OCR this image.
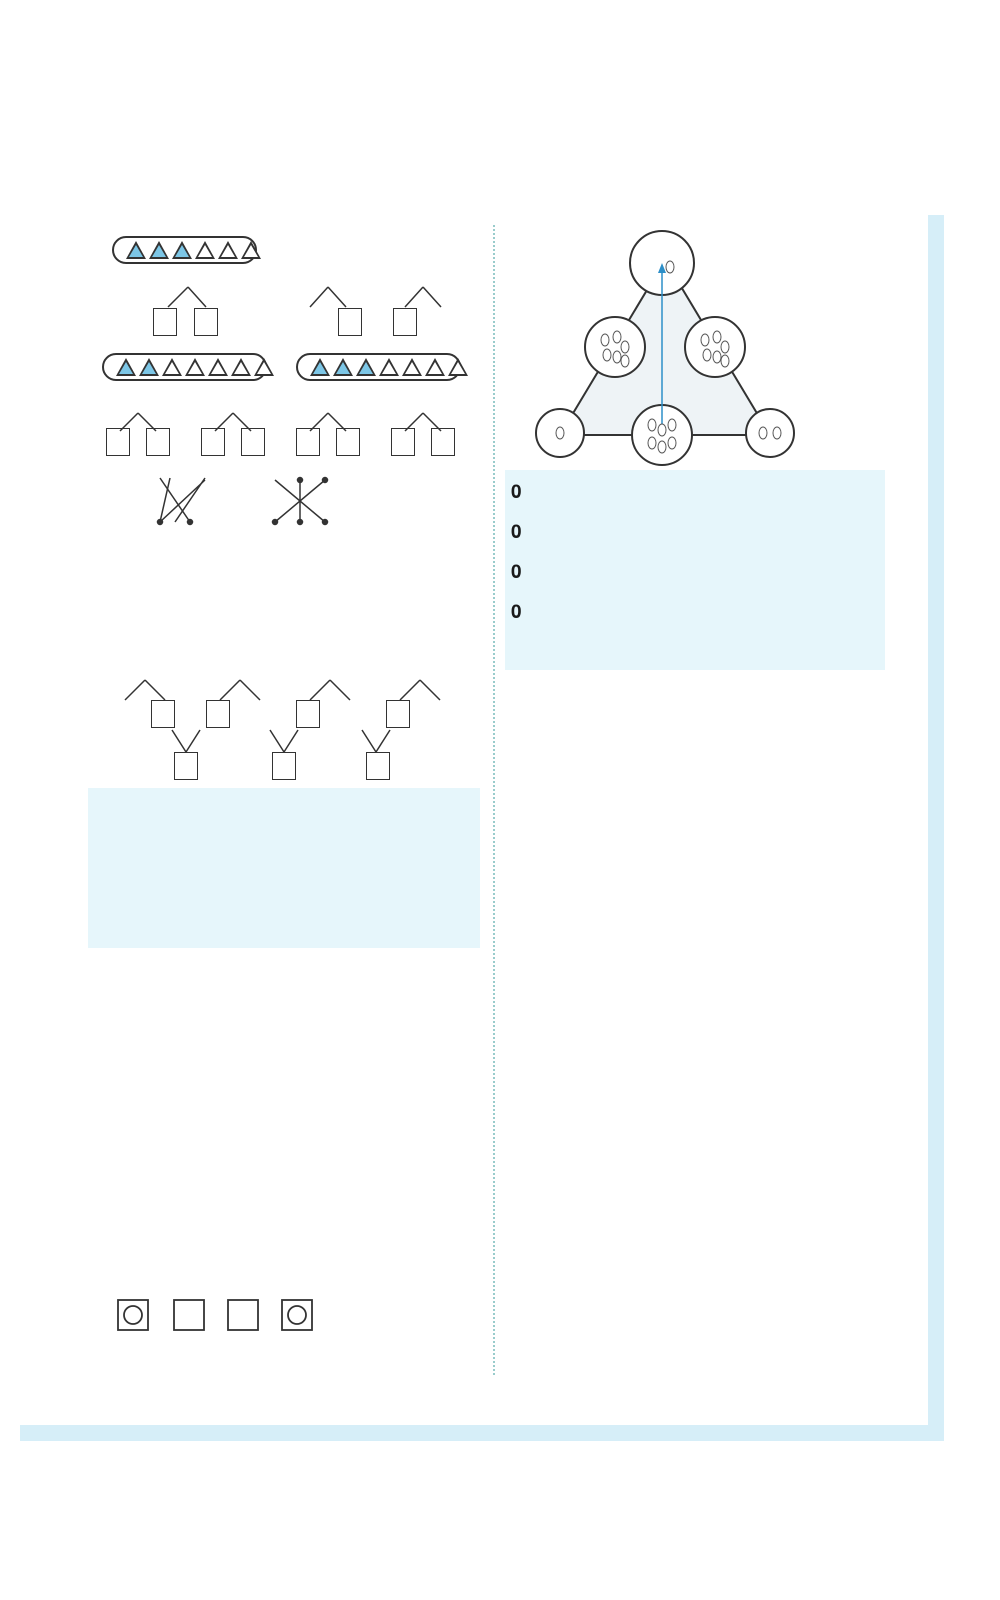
𝟎
𝟎
𝟎
𝟎
